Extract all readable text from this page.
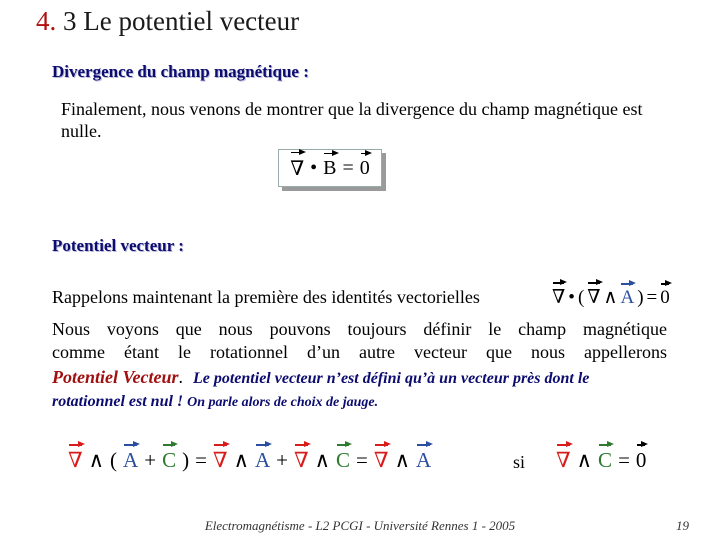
4. 3 Le potentiel vecteur
Divergence du champ magnétique :
Finalement, nous venons de montrer que la divergence du champ magnétique est nulle.
∇ • B = 0
Potentiel vecteur :
Rappelons maintenant la première des identités vectorielles	∇ • ( ∇ ∧ A ) = 0
Nous voyons que nous pouvons toujours définir le champ magnétique
comme étant le rotationnel d’un autre vecteur que nous appellerons
Potentiel Vecteur. Le potentiel vecteur n’est défini qu’à un vecteur près dont le
rotationnel est nul ! On parle alors de choix de jauge.
∇ ∧ ( A + C ) = ∇ ∧ A + ∇ ∧ C = ∇ ∧ A	si ∇ ∧ C = 0
Electromagnétisme - L2 PCGI - Université Rennes 1 - 2005	19
